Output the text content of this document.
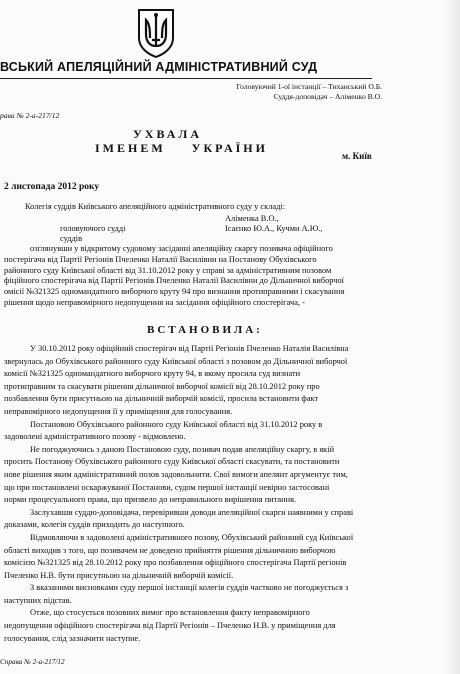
ВСЬКИЙ АПЕЛЯЦІЙНИЙ АДМІНІСТРАТИВНИЙ СУД
Головуючий 1-ої інстанції – Тиханський О.Б.
Суддя-доповідач – Аліменко В.О.
рава № 2-а-217/12
УХВАЛА
ІМЕНЕМ УКРАЇНИ
м. Київ
2 листопада 2012 року
Колегія суддів Київського апеляційного адміністративного суду у складі:
головуючого судді
Аліменка В.О.,
суддів
Ісаєнко Ю.А., Кучми А.Ю.,
озглянувши у відкритому судовому засіданні апеляційну скаргу позивача офіційного
постерігача від Партії Регіонів Пчеленко Наталії Василівни на Постанову Обухівського
районного суду Київської області від 31.10.2012 року у справі за адміністративним позовом
фіційного спостерігача від Партії Регіонів Пчеленко Наталії Василівни до Дільничної виборчої
омісії №321325 одномандатного виборчого круту 94 про визнання протиправними і скасування
рішення щодо неправомірного недопущення на засідання офіційного спостерігача, -
ВСТАНОВИЛА:
У 30.10.2012 року офіційний спостерігач від Партії Регіонів Пчеленко Наталія Василівна
звернулась до Обухівського районного суду Київської області з позовом до Дільничної виборчої
комісії №321325 одномандатного виборчого круту 94, в якому просила суд визнати
протиправним та скасувати рішення дільничної виборчої комісії від 28.10.2012 року про
позбавлення бути присутньою на дільничній виборчій комісії, просила встановити факт
неправомірного недопущення її у приміщення для голосування.
Постановою Обухівського районного суду Київської області від 31.10.2012 року в
задоволені адміністративного позову - відмовлено.
Не погоджуючись з даною Постановою суду, позивач подав апеляційну скаргу, в якій
просить Постанову Обухівського районного суду Київської області скасувати, та постановити
нове рішення яким адміністративний позов задовольнити. Свої вимоги апелянт аргументує тим,
що при постановлені оскаржуваної Постанови, судом першої інстанції невірно застосовані
норми процесуального права, що призвело до неправильного вирішення питання.
Заслухавши суддю-доповідача, перевіривши доводи апеляційної скарги наявними у справі
доказами, колегія суддів приходить до наступного.
Відмовляючи в задоволені адміністративного позову, Обухівський районний суд Київської
області виходив з того, що позивачем не доведено прийняття рішення дільничною виборчою
комісією №321325 від 28.10.2012 року про позбавлення офіційного спостерігача Партії регіонів
Пчеленко Н.В. бути присутньою на дільничній виборчій комісії.
З вказаними висновками суду першої інстанції колегія суддів частково не погоджується з
наступних підстав.
Отже, що стосується позовних вимог про встановлення факту неправомірного
недопущення офіційного спостерігача від Партії Регіонів – Пчеленко Н.В. у приміщення для
голосування, слід зазначити наступне.
Справа № 2-а-217/12
